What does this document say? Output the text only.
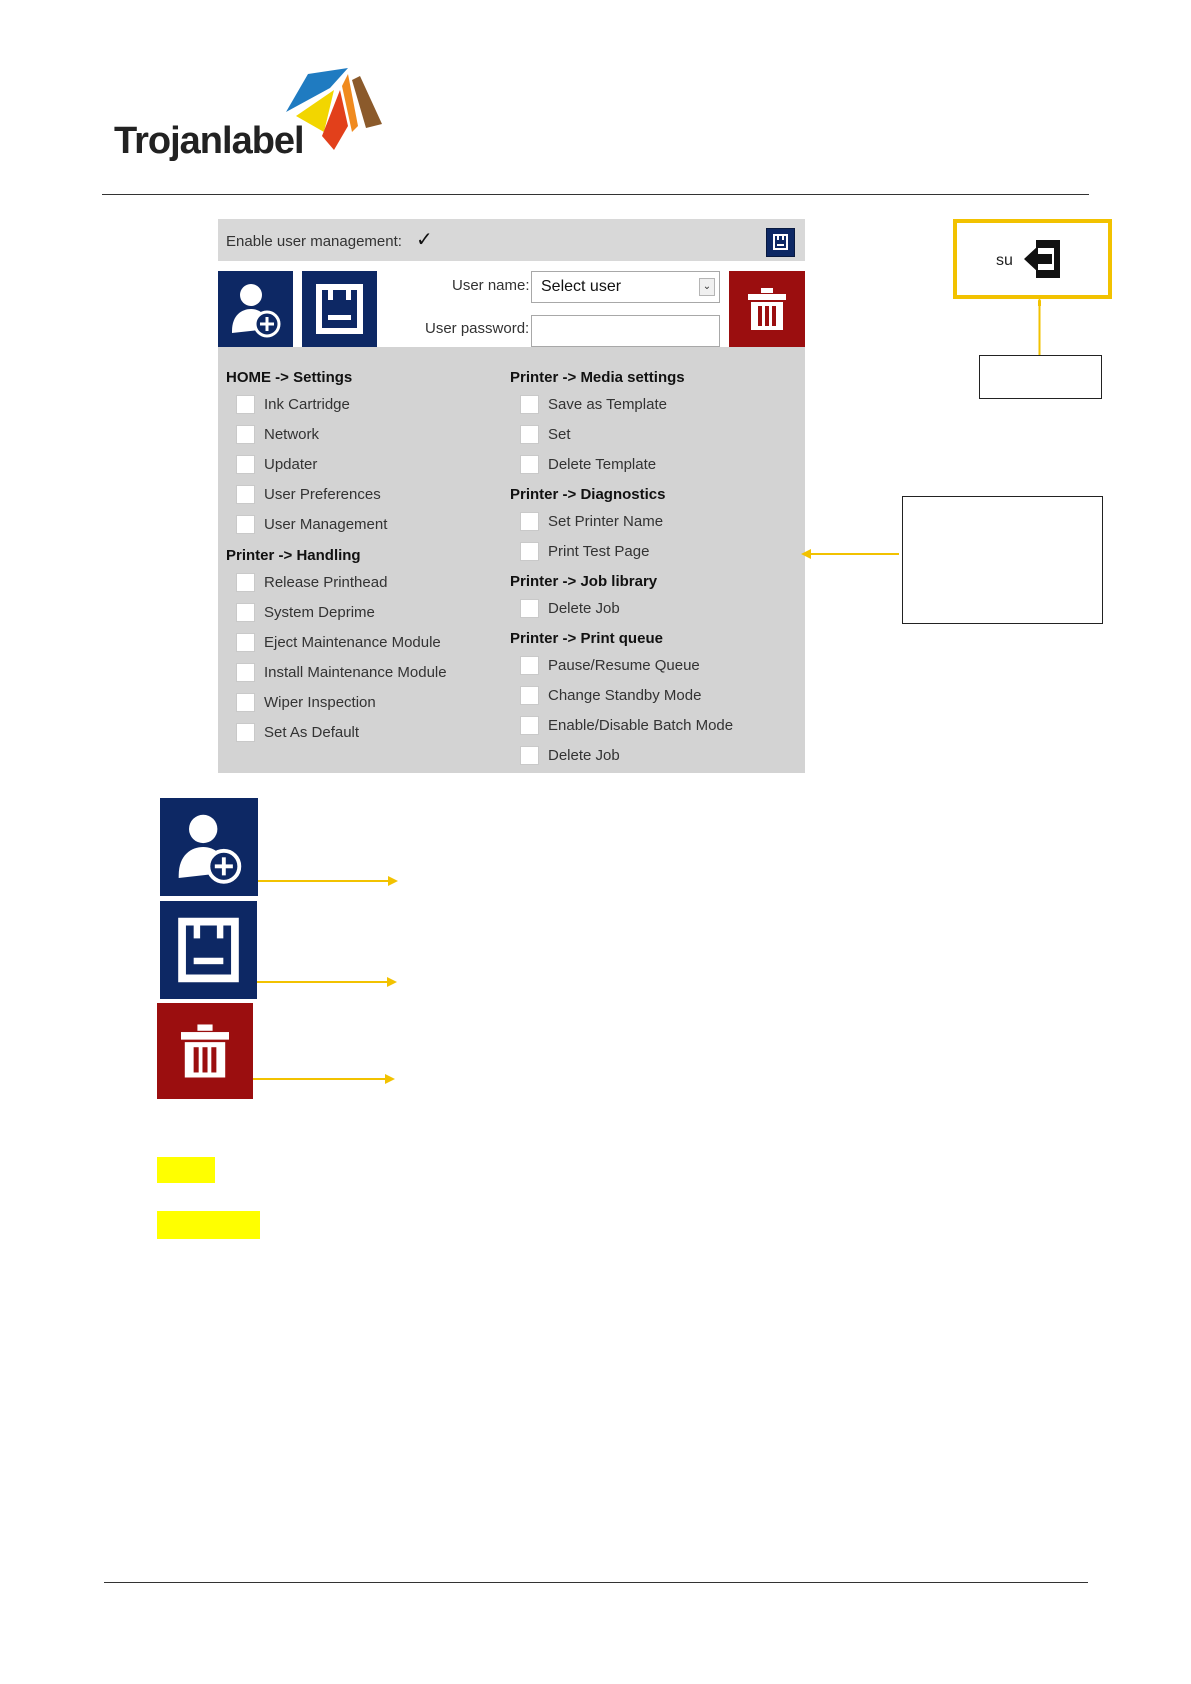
Trojanlabel
Enable user management: ✓
User name: Select user	⌄
User password:
HOME -> Settings
Ink Cartridge
Network
Updater
User Preferences
User Management
Printer -> Handling
Release Printhead
System Deprime
Eject Maintenance Module
Install Maintenance Module
Wiper Inspection
Set As Default
Printer -> Media settings
Save as Template
Set
Delete Template
Printer -> Diagnostics
Set Printer Name
Print Test Page
Printer -> Job library
Delete Job
Printer -> Print queue
Pause/Resume Queue
Change Standby Mode
Enable/Disable Batch Mode
Delete Job
su
